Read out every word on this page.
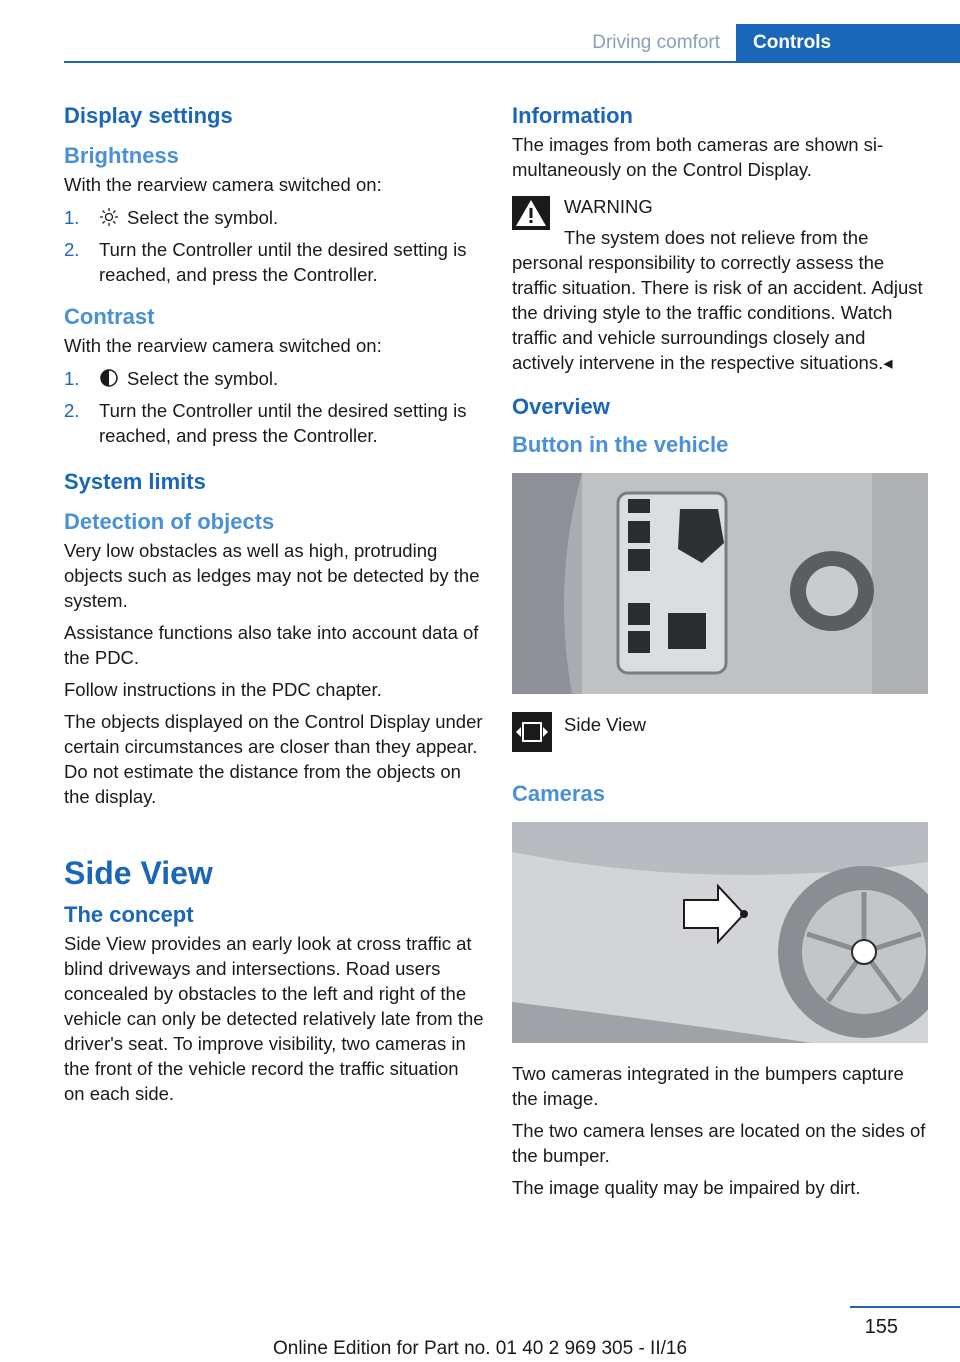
Driving comfort	Controls
Display settings
Brightness

With the rearview camera switched on:

1.	Select the symbol.
2. Turn the Controller until the desired setting is reached, and press the Controller.
Contrast

With the rearview camera switched on:

1.	Select the symbol.
2. Turn the Controller until the desired setting is reached, and press the Controller.
System limits
Detection of objects

Very low obstacles as well as high, protruding objects such as ledges may not be detected by the system.

Assistance functions also take into account data of the PDC.

Follow instructions in the PDC chapter.

The objects displayed on the Control Display under certain circumstances are closer than they appear. Do not estimate the distance from the objects on the display.

Side View
The concept

Side View provides an early look at cross traffic at blind driveways and intersections. Road users concealed by obstacles to the left and right of the vehicle can only be detected relatively late from the driver's seat. To improve visibility, two cameras in the front of the vehicle record the traffic situation on each side.

Information

The images from both cameras are shown simultaneously on the Control Display.

WARNING

The system does not relieve from the personal responsibility to correctly assess the traffic situation. There is risk of an accident. Adjust the driving style to the traffic conditions. Watch traffic and vehicle surroundings closely and actively intervene in the respective situations.◂

Overview
Button in the vehicle
Side View
Cameras

Two cameras integrated in the bumpers capture the image.

The two camera lenses are located on the sides of the bumper.

The image quality may be impaired by dirt.

155
Online Edition for Part no. 01 40 2 969 305 - II/16
